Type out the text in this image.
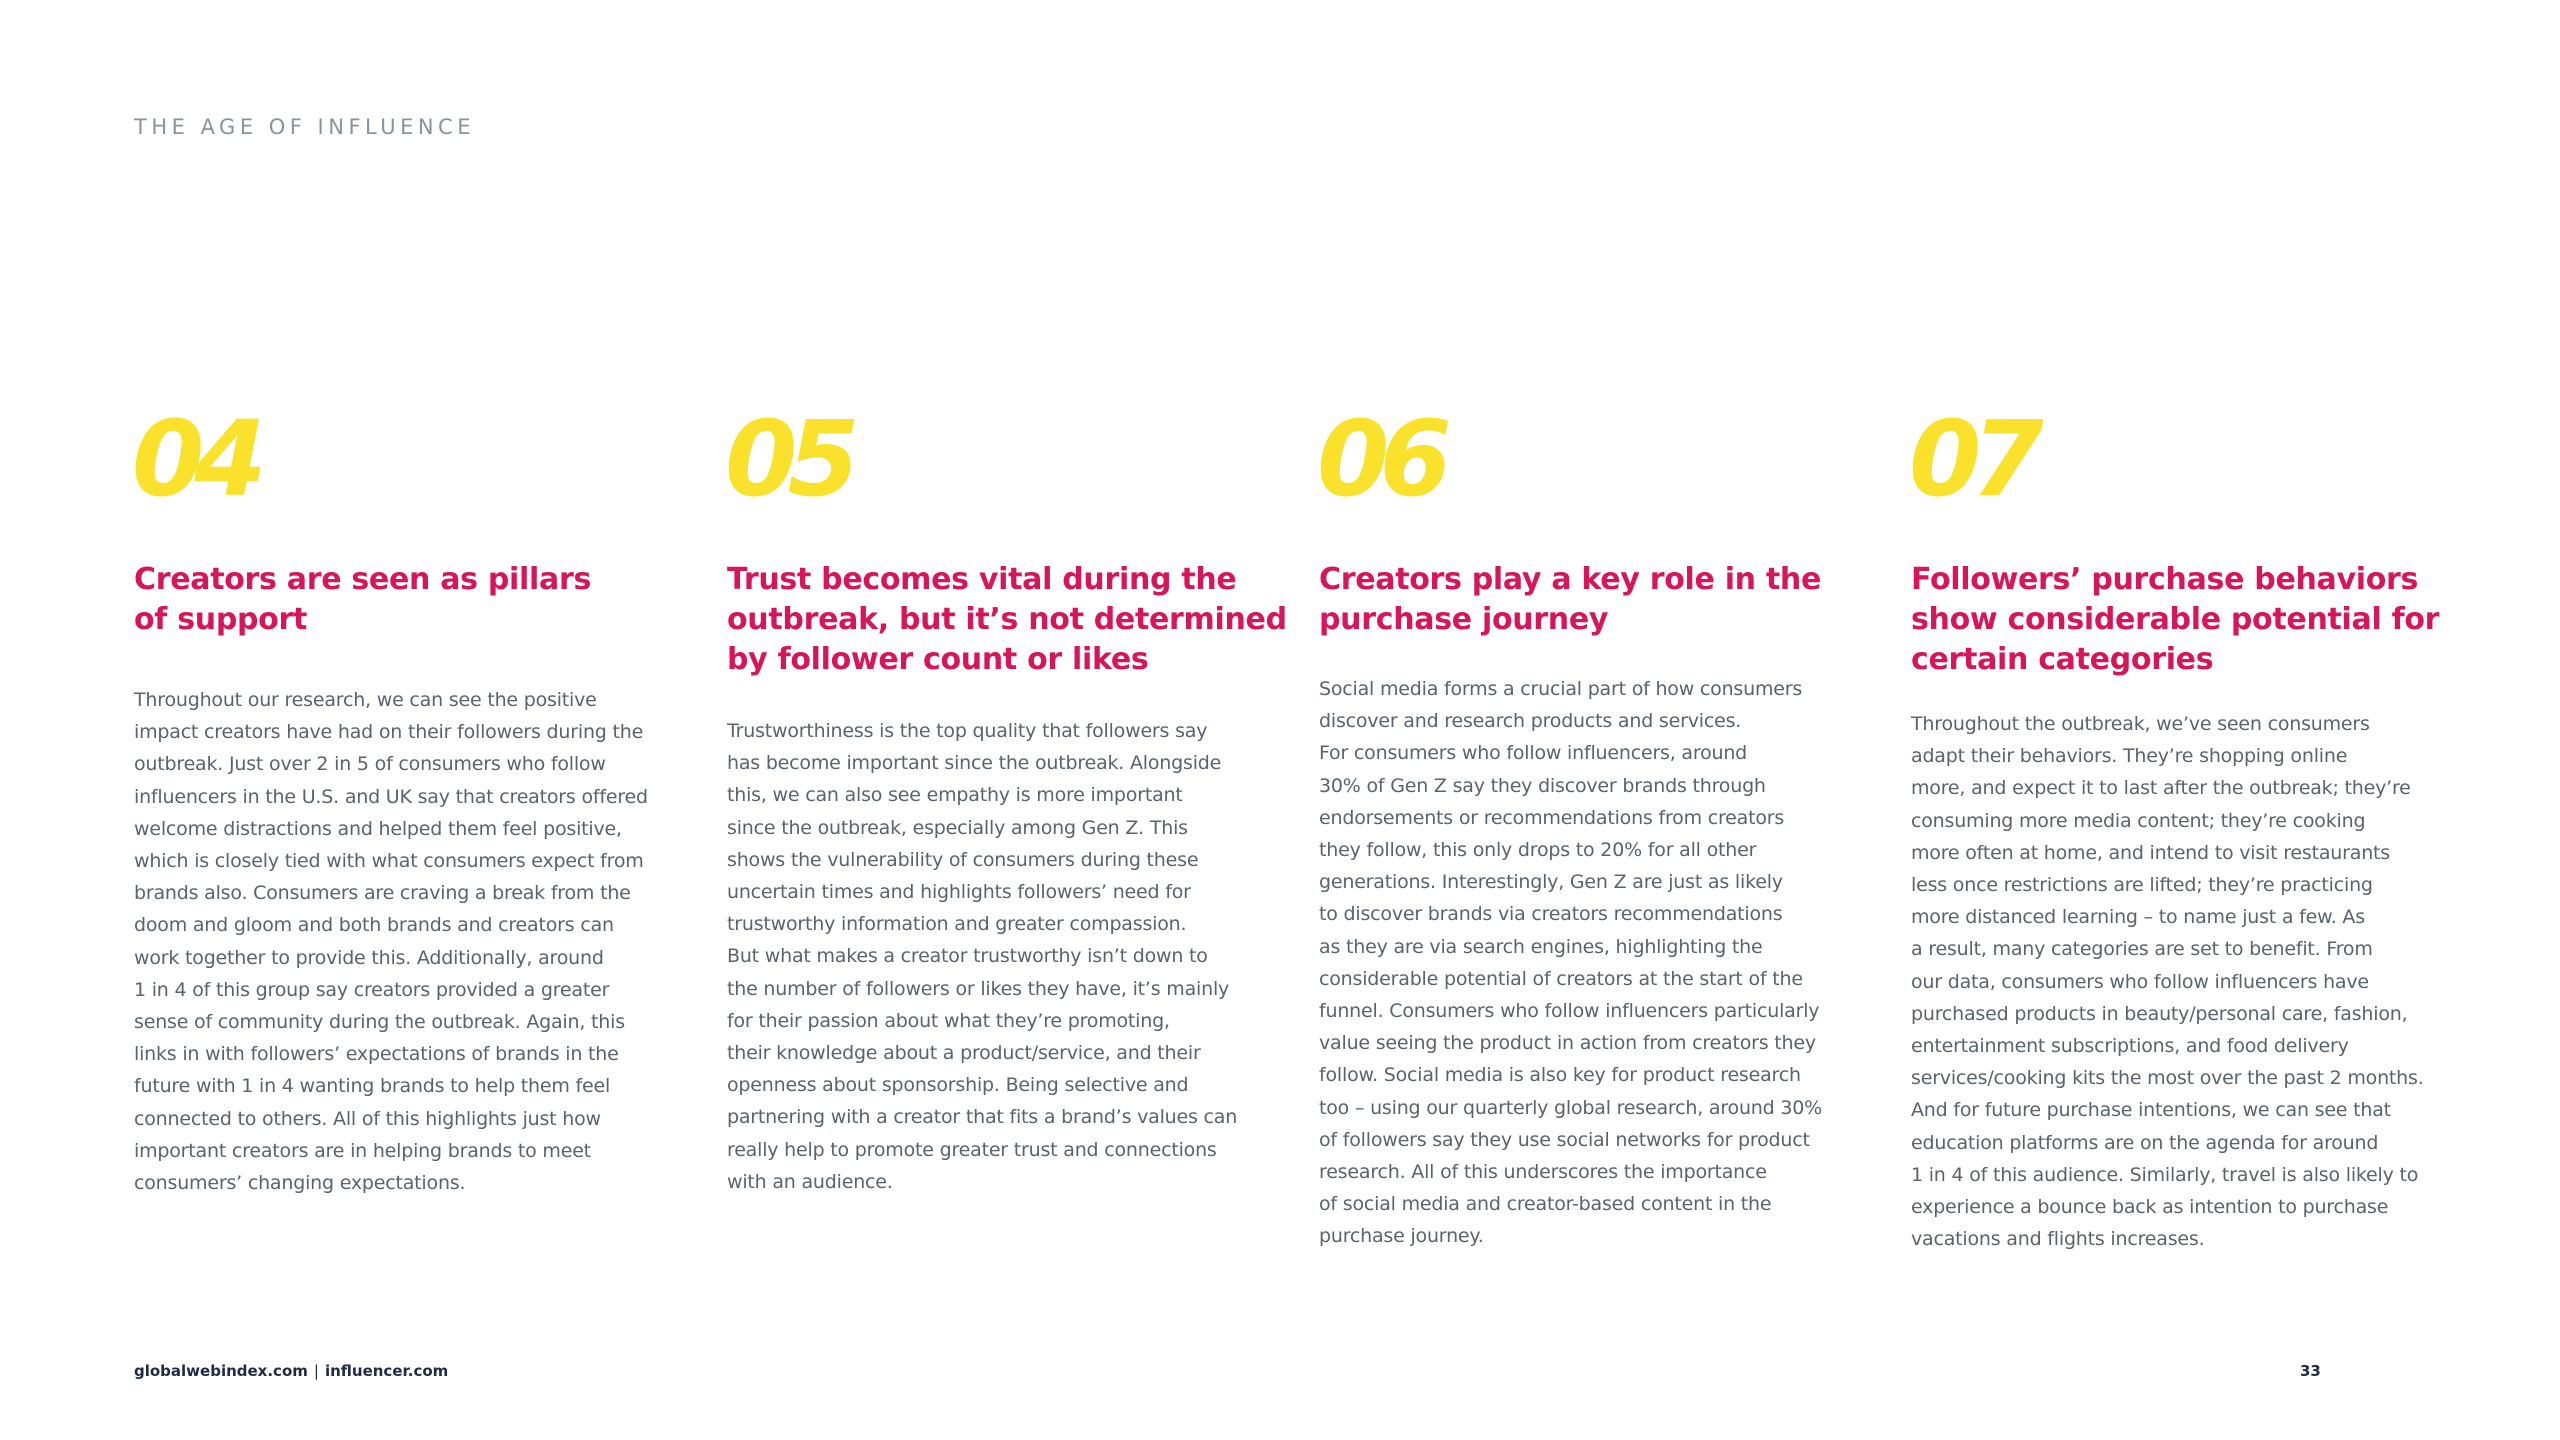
THE AGE OF INFLUENCE
04
Creators are seen as pillars
of support
Throughout our research, we can see the positive
impact creators have had on their followers during the
outbreak. Just over 2 in 5 of consumers who follow
influencers in the U.S. and UK say that creators offered
welcome distractions and helped them feel positive,
which is closely tied with what consumers expect from
brands also. Consumers are craving a break from the
doom and gloom and both brands and creators can
work together to provide this. Additionally, around
1 in 4 of this group say creators provided a greater
sense of community during the outbreak. Again, this
links in with followers’ expectations of brands in the
future with 1 in 4 wanting brands to help them feel
connected to others. All of this highlights just how
important creators are in helping brands to meet
consumers’ changing expectations.
05
Trust becomes vital during the
outbreak, but it’s not determined
by follower count or likes
Trustworthiness is the top quality that followers say
has become important since the outbreak. Alongside
this, we can also see empathy is more important
since the outbreak, especially among Gen Z. This
shows the vulnerability of consumers during these
uncertain times and highlights followers’ need for
trustworthy information and greater compassion.
But what makes a creator trustworthy isn’t down to
the number of followers or likes they have, it’s mainly
for their passion about what they’re promoting,
their knowledge about a product/service, and their
openness about sponsorship. Being selective and
partnering with a creator that fits a brand’s values can
really help to promote greater trust and connections
with an audience.
06
Creators play a key role in the
purchase journey
Social media forms a crucial part of how consumers
discover and research products and services.
For consumers who follow influencers, around
30% of Gen Z say they discover brands through
endorsements or recommendations from creators
they follow, this only drops to 20% for all other
generations. Interestingly, Gen Z are just as likely
to discover brands via creators recommendations
as they are via search engines, highlighting the
considerable potential of creators at the start of the
funnel. Consumers who follow influencers particularly
value seeing the product in action from creators they
follow. Social media is also key for product research
too – using our quarterly global research, around 30%
of followers say they use social networks for product
research. All of this underscores the importance
of social media and creator-based content in the
purchase journey.
07
Followers’ purchase behaviors
show considerable potential for
certain categories
Throughout the outbreak, we’ve seen consumers
adapt their behaviors. They’re shopping online
more, and expect it to last after the outbreak; they’re
consuming more media content; they’re cooking
more often at home, and intend to visit restaurants
less once restrictions are lifted; they’re practicing
more distanced learning – to name just a few. As
a result, many categories are set to benefit. From
our data, consumers who follow influencers have
purchased products in beauty/personal care, fashion,
entertainment subscriptions, and food delivery
services/cooking kits the most over the past 2 months.
And for future purchase intentions, we can see that
education platforms are on the agenda for around
1 in 4 of this audience. Similarly, travel is also likely to
experience a bounce back as intention to purchase
vacations and flights increases.
globalwebindex.com | influencer.com	33
